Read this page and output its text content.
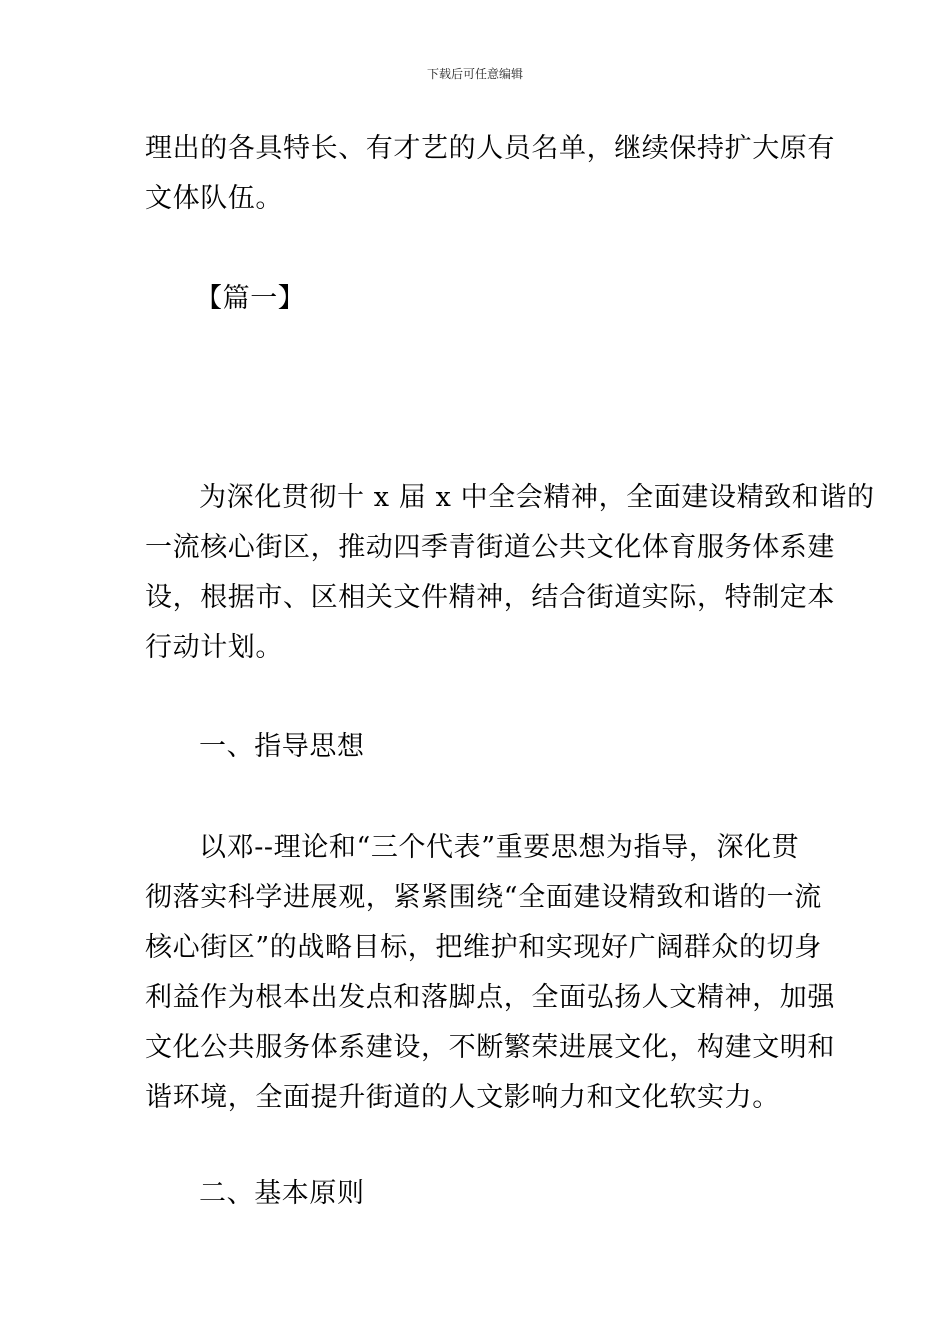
下载后可任意编辑
理出的各具特长、有才艺的人员名单，继续保持扩大原有
文体队伍。
【篇一】
为深化贯彻十 x 届 x 中全会精神，全面建设精致和谐的
一流核心街区，推动四季青街道公共文化体育服务体系建
设，根据市、区相关文件精神，结合街道实际，特制定本
行动计划。
一、指导思想
以邓--理论和“三个代表”重要思想为指导，深化贯
彻落实科学进展观，紧紧围绕“全面建设精致和谐的一流
核心街区”的战略目标，把维护和实现好广阔群众的切身
利益作为根本出发点和落脚点，全面弘扬人文精神，加强
文化公共服务体系建设，不断繁荣进展文化，构建文明和
谐环境，全面提升街道的人文影响力和文化软实力。
二、基本原则
